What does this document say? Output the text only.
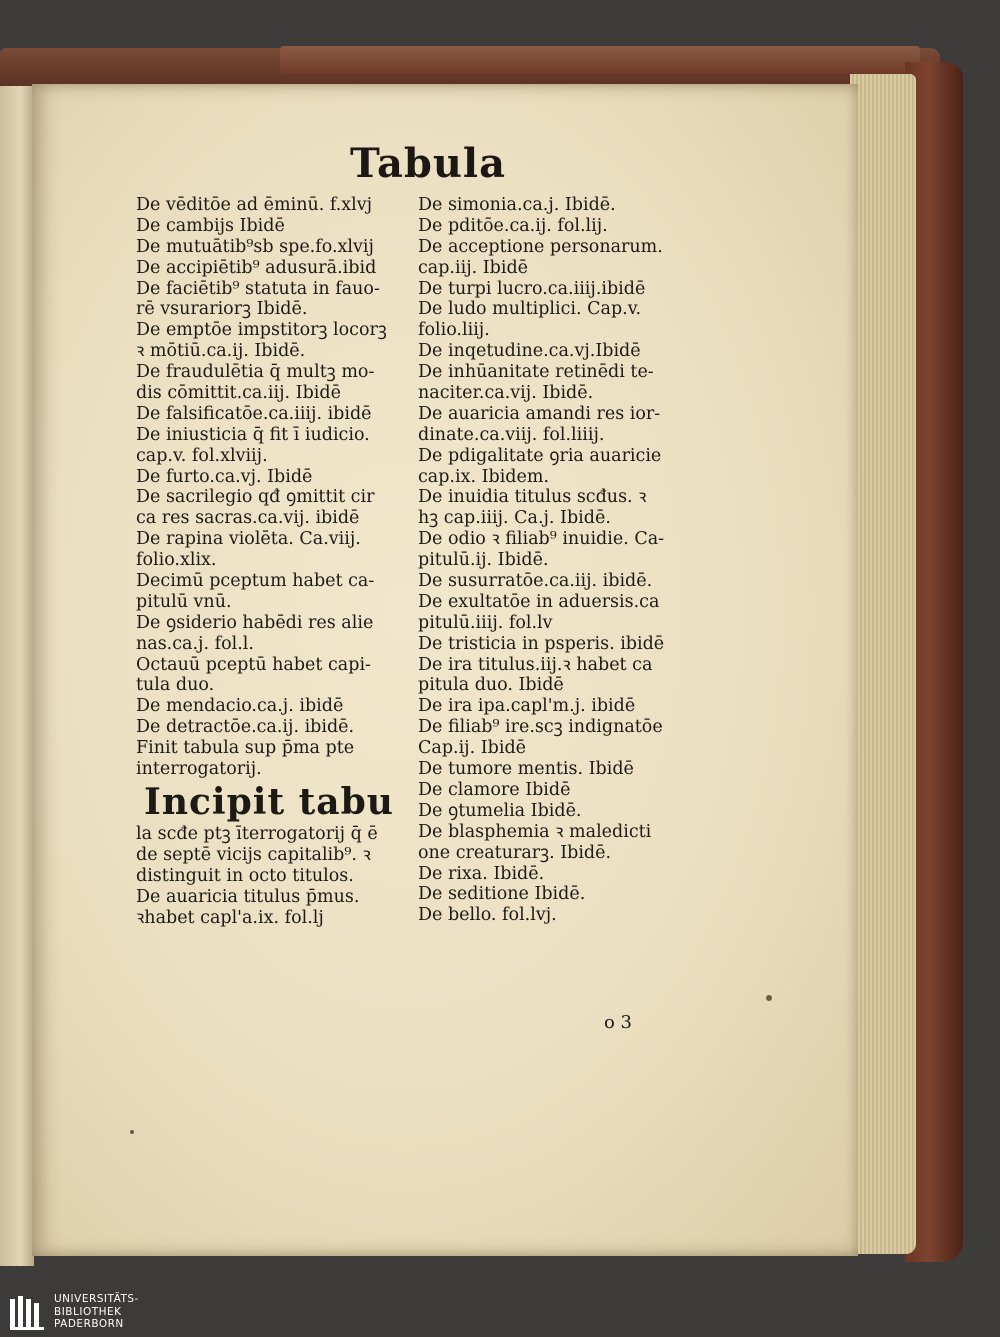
Tabula
De vēditōe ad ēminū. f.xlvj
De cambijs Ibidē
De mutuātib⁹sb spe.fo.xlvij
De accipiētib⁹ adusurā.ibid
De faciētib⁹ statuta in fauo-
rē vsurariorꝫ Ibidē.
De emptōe impstitorꝫ locorꝫ
ꝛ mōtiū.ca.ij. Ibidē.
De fraudulētia q̄ multꝫ mo-
dis cōmittit.ca.iij. Ibidē
De falsificatōe.ca.iiij. ibidē
De iniusticia q̄ fit ī iudicio.
cap.v. fol.xlviij.
De furto.ca.vj. Ibidē
De sacrilegio qđ ꝯmittit cir
ca res sacras.ca.vij. ibidē
De rapina violēta. Ca.viij.
folio.xlix.
Decimū pceptum habet ca-
pitulū vnū.
De ꝯsiderio habēdi res alie
nas.ca.j. fol.l.
Octauū pceptū habet capi-
tula duo.
De mendacio.ca.j. ibidē
De detractōe.ca.ij. ibidē.
Finit tabula sup p̄ma pte
interrogatorij.
Incipit tabu
la scđe ptꝫ īterrogatorij q̄ ē
de septē vicijs capitalib⁹. ꝛ
distinguit in octo titulos.
De auaricia titulus p̄mus.
ꝛhabet capl'a.ix. fol.lj
De simonia.ca.j. Ibidē.
De pditōe.ca.ij. fol.lij.
De acceptione personarum.
cap.iij. Ibidē
De turpi lucro.ca.iiij.ibidē
De ludo multiplici. Cap.v.
folio.liij.
De inqetudine.ca.vj.Ibidē
De inhūanitate retinēdi te-
naciter.ca.vij. Ibidē.
De auaricia amandi res ior-
dinate.ca.viij. fol.liiij.
De pdigalitate ꝯria auaricie
cap.ix. Ibidem.
De inuidia titulus scđus. ꝛ
hꝫ cap.iiij. Ca.j. Ibidē.
De odio ꝛ filiab⁹ inuidie. Ca-
pitulū.ij. Ibidē.
De susurratōe.ca.iij. ibidē.
De exultatōe in aduersis.ca
pitulū.iiij. fol.lv
De tristicia in psperis. ibidē
De ira titulus.iij.ꝛ habet ca
pitula duo. Ibidē
De ira ipa.capl'm.j. ibidē
De filiab⁹ ire.scꝫ indignatōe
Cap.ij. Ibidē
De tumore mentis. Ibidē
De clamore Ibidē
De ꝯtumelia Ibidē.
De blasphemia ꝛ maledicti
one creaturarꝫ. Ibidē.
De rixa. Ibidē.
De seditione Ibidē.
De bello. fol.lvj.
o 3
UNIVERSITÄTS-
BIBLIOTHEK
PADERBORN
